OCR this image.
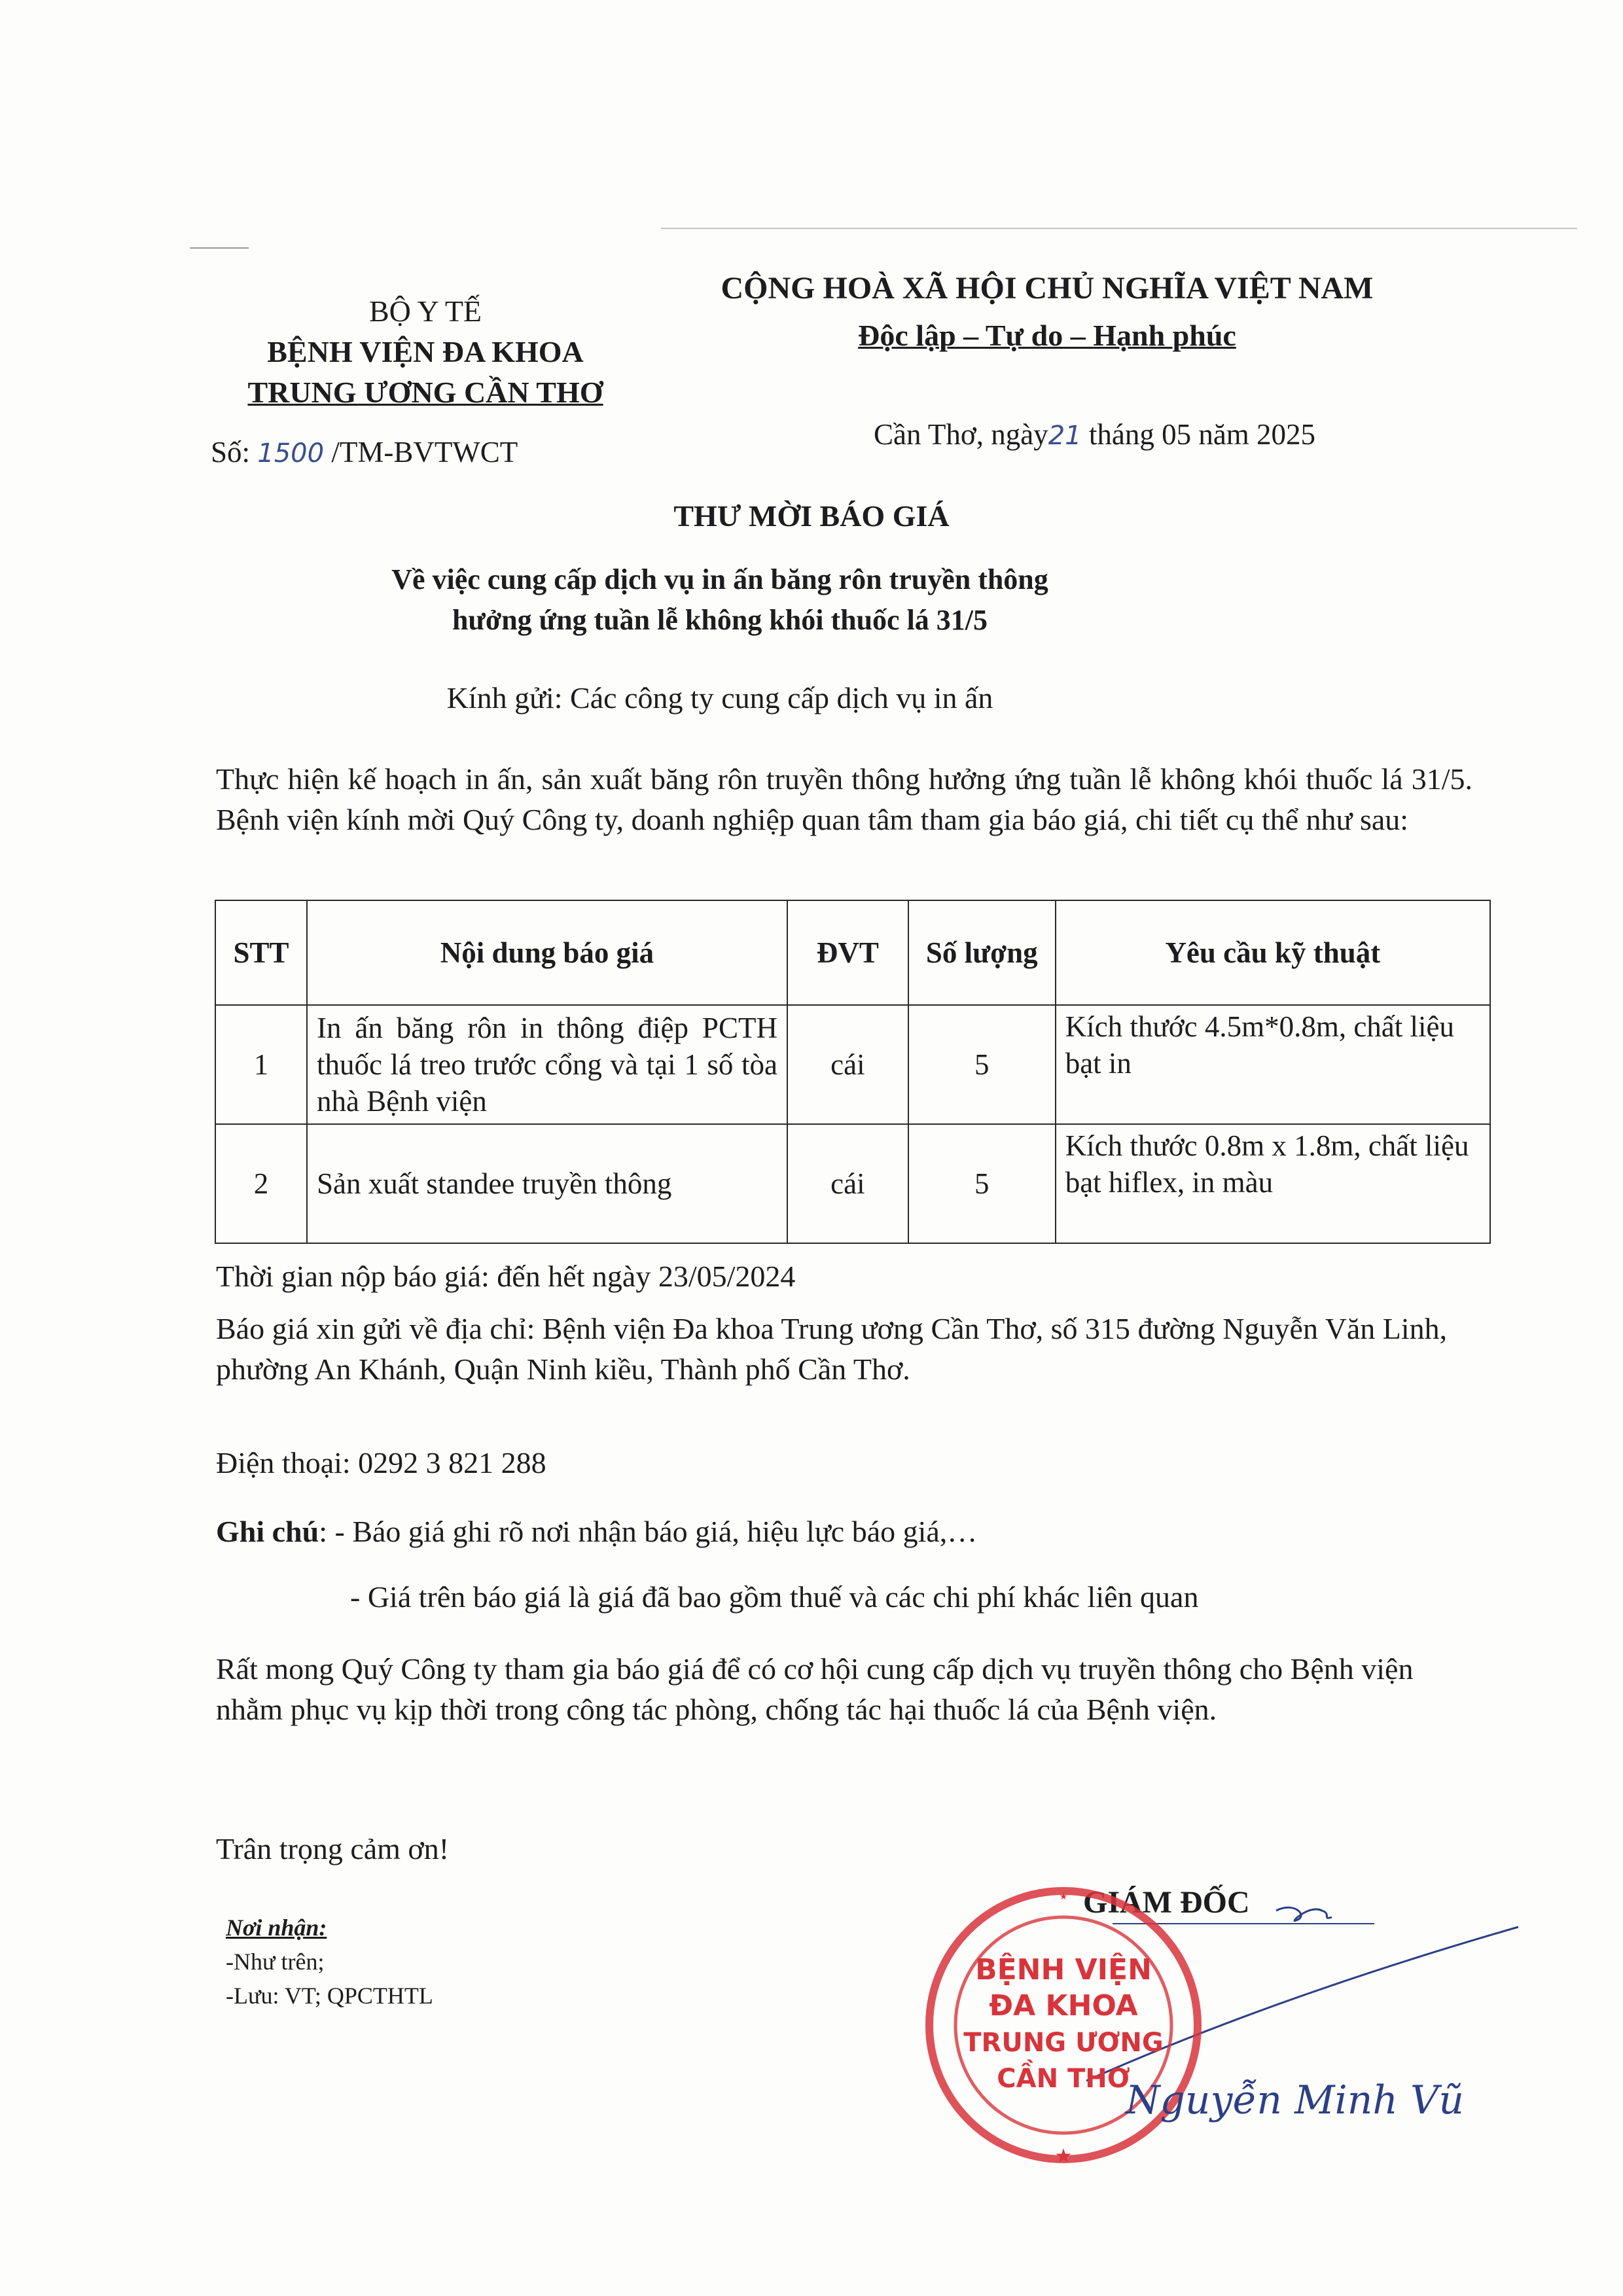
BỘ Y TẾ
BỆNH VIỆN ĐA KHOA
TRUNG ƯƠNG CẦN THƠ
Số: 1500 /TM-BVTWCT
CỘNG HOÀ XÃ HỘI CHỦ NGHĨA VIỆT NAM
Độc lập – Tự do – Hạnh phúc
Cần Thơ, ngày21 tháng 05 năm 2025
THƯ MỜI BÁO GIÁ
Về việc cung cấp dịch vụ in ấn băng rôn truyền thông
hưởng ứng tuần lễ không khói thuốc lá 31/5
Kính gửi: Các công ty cung cấp dịch vụ in ấn
Thực hiện kế hoạch in ấn, sản xuất băng rôn truyền thông hưởng ứng tuần lễ không khói thuốc lá 31/5. Bệnh viện kính mời Quý Công ty, doanh nghiệp quan tâm tham gia báo giá, chi tiết cụ thể như sau:
STT	Nội dung báo giá	ĐVT	Số lượng	Yêu cầu kỹ thuật
1	In ấn băng rôn in thông điệp PCTH thuốc lá treo trước cổng và tại 1 số tòa nhà Bệnh viện	cái	5	Kích thước 4.5m*0.8m, chất liệu bạt in
2	Sản xuất standee truyền thông	cái	5	Kích thước 0.8m x 1.8m, chất liệu bạt hiflex, in màu
Thời gian nộp báo giá: đến hết ngày 23/05/2024
Báo giá xin gửi về địa chỉ: Bệnh viện Đa khoa Trung ương Cần Thơ, số 315 đường Nguyễn Văn Linh, phường An Khánh, Quận Ninh kiều, Thành phố Cần Thơ.
Điện thoại: 0292 3 821 288
Ghi chú: - Báo giá ghi rõ nơi nhận báo giá, hiệu lực báo giá,…
- Giá trên báo giá là giá đã bao gồm thuế và các chi phí khác liên quan
Rất mong Quý Công ty tham gia báo giá để có cơ hội cung cấp dịch vụ truyền thông cho Bệnh viện nhằm phục vụ kịp thời trong công tác phòng, chống tác hại thuốc lá của Bệnh viện.
Trân trọng cảm ơn!
Nơi nhận:
-Như trên;
-Lưu: VT; QPCTHTL
GIÁM ĐỐC
★
★
BỆNH VIỆN
ĐA KHOA
TRUNG ƯƠNG
CẦN THƠ
Nguyễn Minh Vũ
